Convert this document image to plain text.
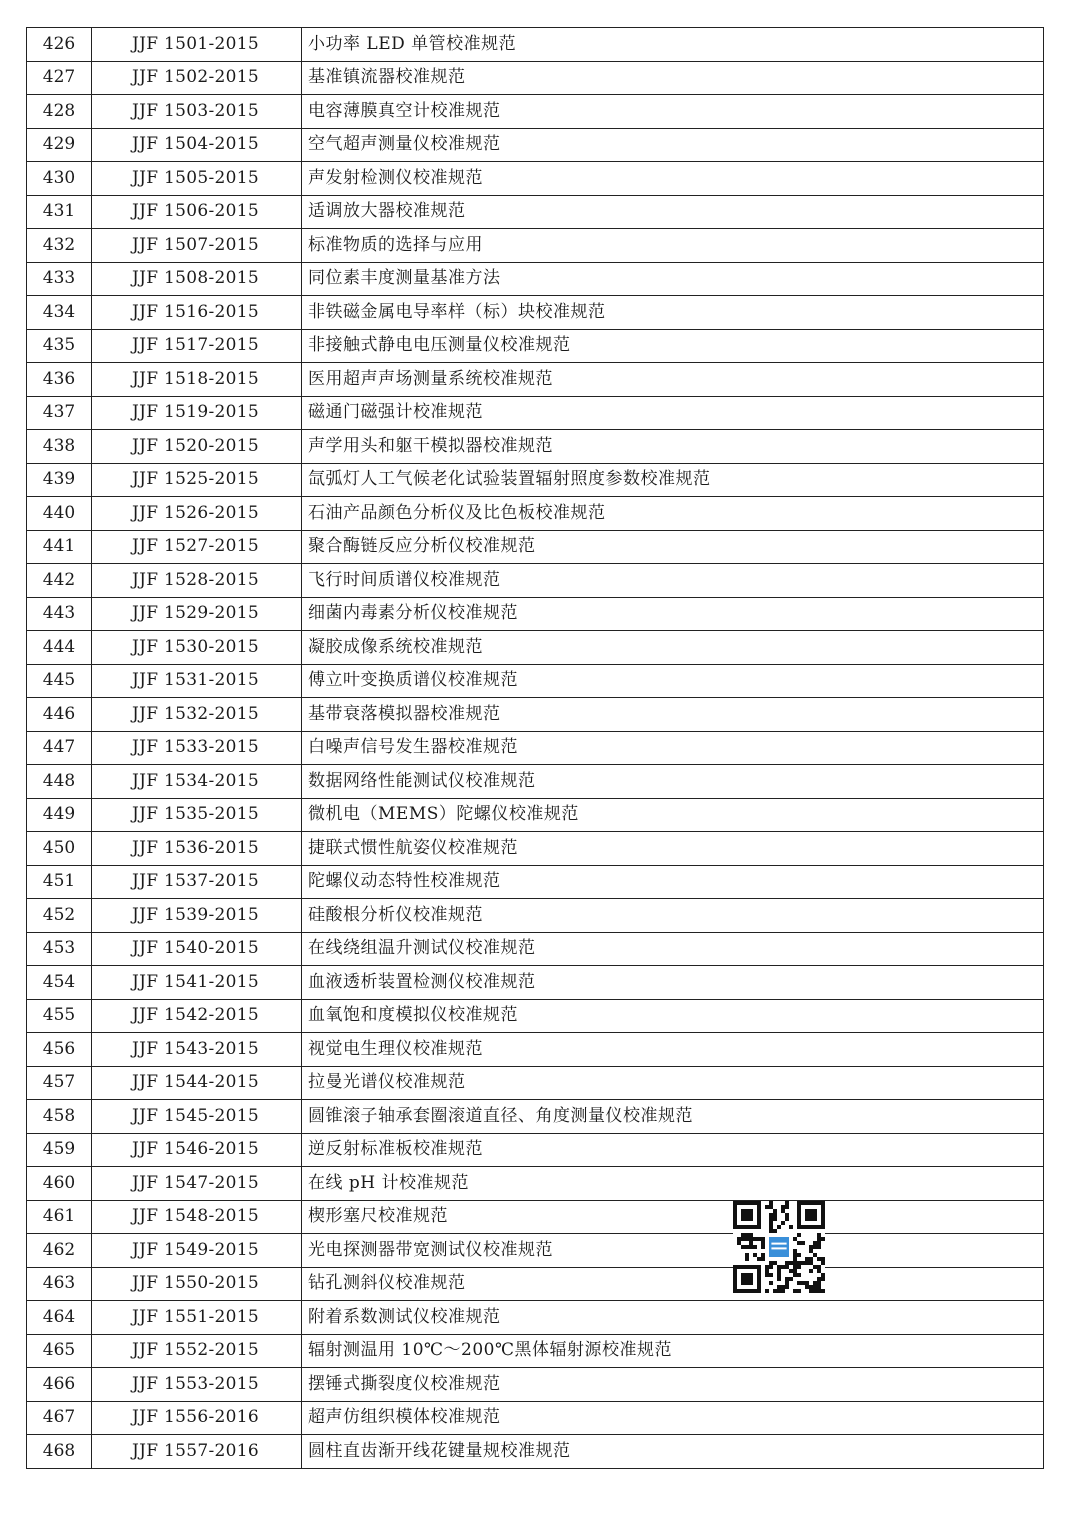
426	JJF 1501-2015	小功率 LED 单管校准规范
427	JJF 1502-2015	基准镇流器校准规范
428	JJF 1503-2015	电容薄膜真空计校准规范
429	JJF 1504-2015	空气超声测量仪校准规范
430	JJF 1505-2015	声发射检测仪校准规范
431	JJF 1506-2015	适调放大器校准规范
432	JJF 1507-2015	标准物质的选择与应用
433	JJF 1508-2015	同位素丰度测量基准方法
434	JJF 1516-2015	非铁磁金属电导率样（标）块校准规范
435	JJF 1517-2015	非接触式静电电压测量仪校准规范
436	JJF 1518-2015	医用超声声场测量系统校准规范
437	JJF 1519-2015	磁通门磁强计校准规范
438	JJF 1520-2015	声学用头和躯干模拟器校准规范
439	JJF 1525-2015	氙弧灯人工气候老化试验装置辐射照度参数校准规范
440	JJF 1526-2015	石油产品颜色分析仪及比色板校准规范
441	JJF 1527-2015	聚合酶链反应分析仪校准规范
442	JJF 1528-2015	飞行时间质谱仪校准规范
443	JJF 1529-2015	细菌内毒素分析仪校准规范
444	JJF 1530-2015	凝胶成像系统校准规范
445	JJF 1531-2015	傅立叶变换质谱仪校准规范
446	JJF 1532-2015	基带衰落模拟器校准规范
447	JJF 1533-2015	白噪声信号发生器校准规范
448	JJF 1534-2015	数据网络性能测试仪校准规范
449	JJF 1535-2015	微机电（MEMS）陀螺仪校准规范
450	JJF 1536-2015	捷联式惯性航姿仪校准规范
451	JJF 1537-2015	陀螺仪动态特性校准规范
452	JJF 1539-2015	硅酸根分析仪校准规范
453	JJF 1540-2015	在线绕组温升测试仪校准规范
454	JJF 1541-2015	血液透析装置检测仪校准规范
455	JJF 1542-2015	血氧饱和度模拟仪校准规范
456	JJF 1543-2015	视觉电生理仪校准规范
457	JJF 1544-2015	拉曼光谱仪校准规范
458	JJF 1545-2015	圆锥滚子轴承套圈滚道直径、角度测量仪校准规范
459	JJF 1546-2015	逆反射标准板校准规范
460	JJF 1547-2015	在线 pH 计校准规范
461	JJF 1548-2015	楔形塞尺校准规范
462	JJF 1549-2015	光电探测器带宽测试仪校准规范
463	JJF 1550-2015	钻孔测斜仪校准规范
464	JJF 1551-2015	附着系数测试仪校准规范
465	JJF 1552-2015	辐射测温用 10℃～200℃黑体辐射源校准规范
466	JJF 1553-2015	摆锤式撕裂度仪校准规范
467	JJF 1556-2016	超声仿组织模体校准规范
468	JJF 1557-2016	圆柱直齿渐开线花键量规校准规范
